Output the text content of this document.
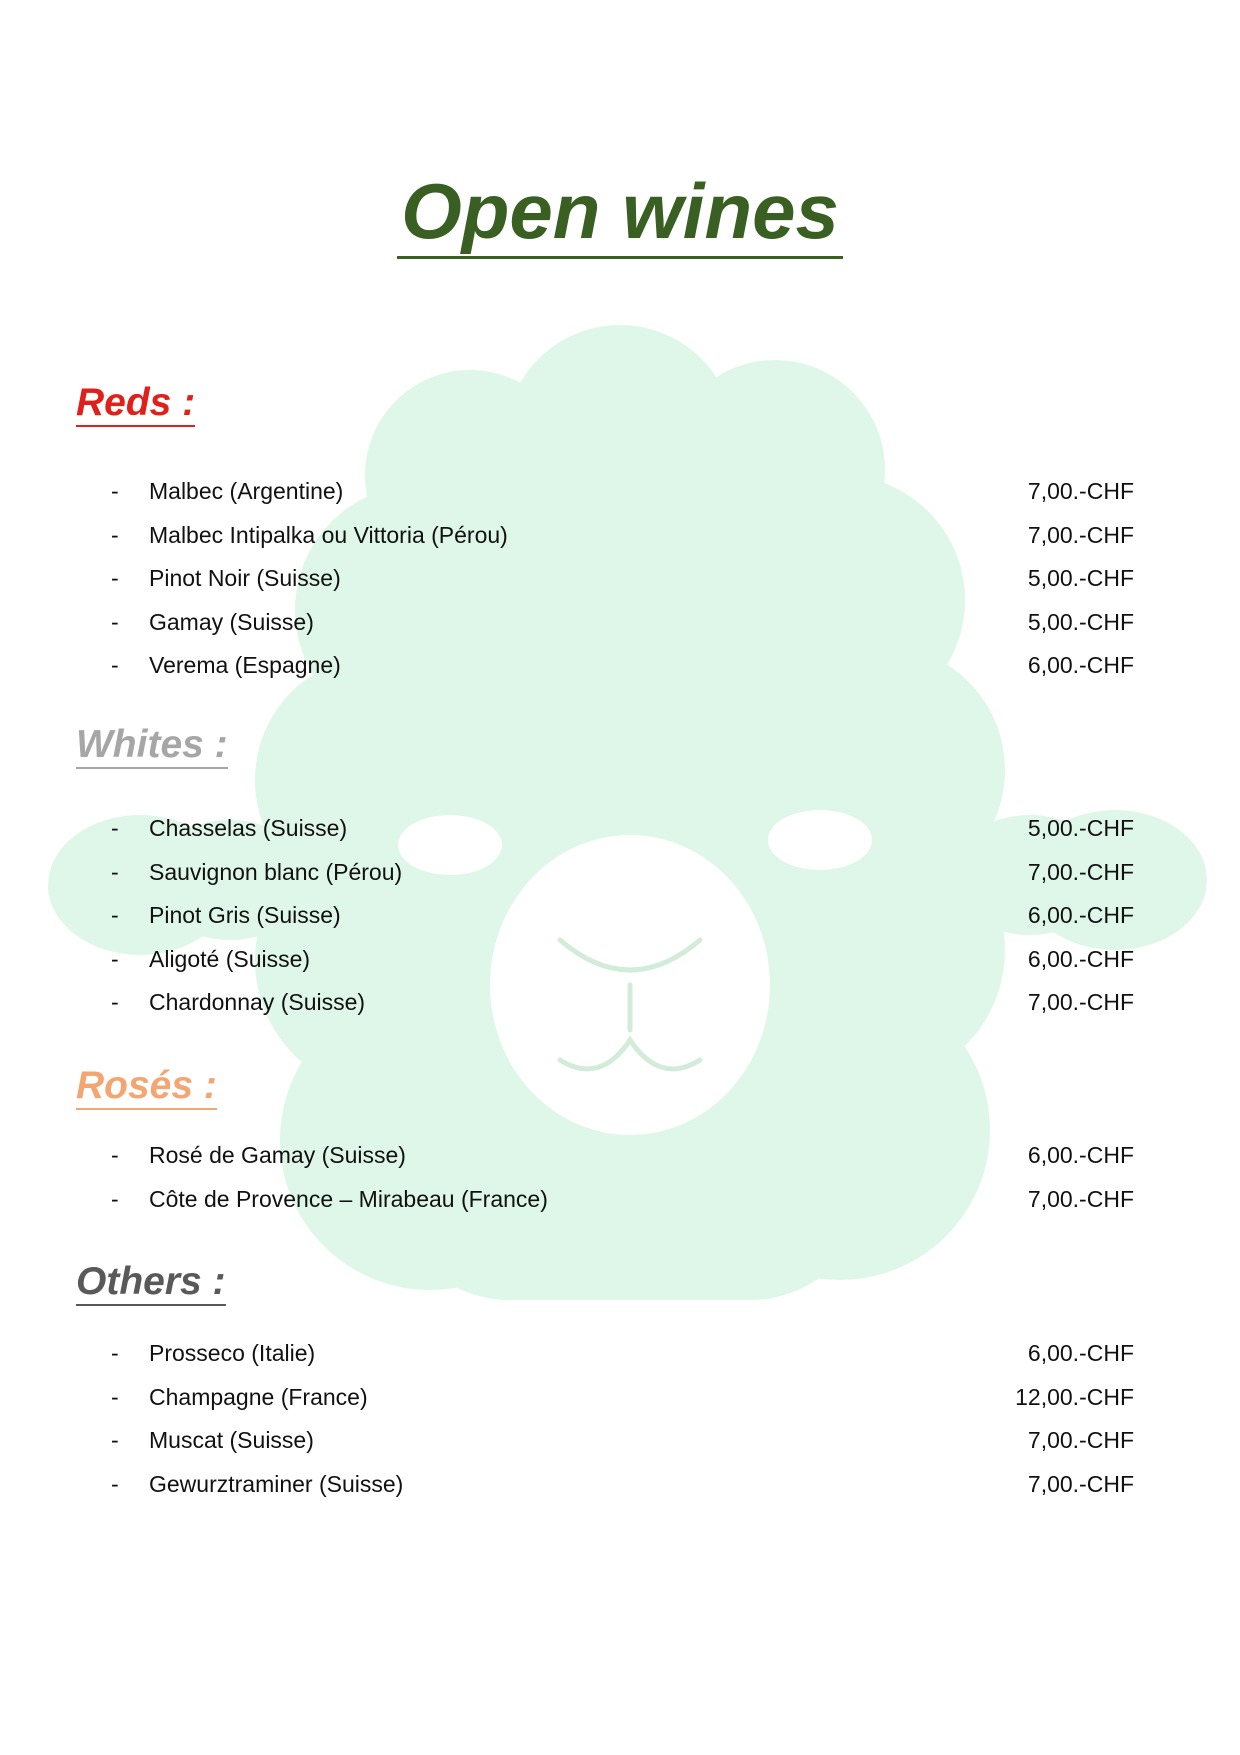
Open wines
Reds :
- Malbec (Argentine)	7,00.-CHF
- Malbec Intipalka ou Vittoria (Pérou)	7,00.-CHF
- Pinot Noir (Suisse)	5,00.-CHF
- Gamay (Suisse)	5,00.-CHF
- Verema (Espagne)	6,00.-CHF
Whites :
- Chasselas (Suisse)	5,00.-CHF
- Sauvignon blanc (Pérou)	7,00.-CHF
- Pinot Gris (Suisse)	6,00.-CHF
- Aligoté (Suisse)	6,00.-CHF
- Chardonnay (Suisse)	7,00.-CHF
Rosés :
- Rosé de Gamay (Suisse)	6,00.-CHF
- Côte de Provence – Mirabeau (France)	7,00.-CHF
Others :
- Prosseco (Italie)	6,00.-CHF
- Champagne (France)	12,00.-CHF
- Muscat (Suisse)	7,00.-CHF
- Gewurztraminer (Suisse)	7,00.-CHF
